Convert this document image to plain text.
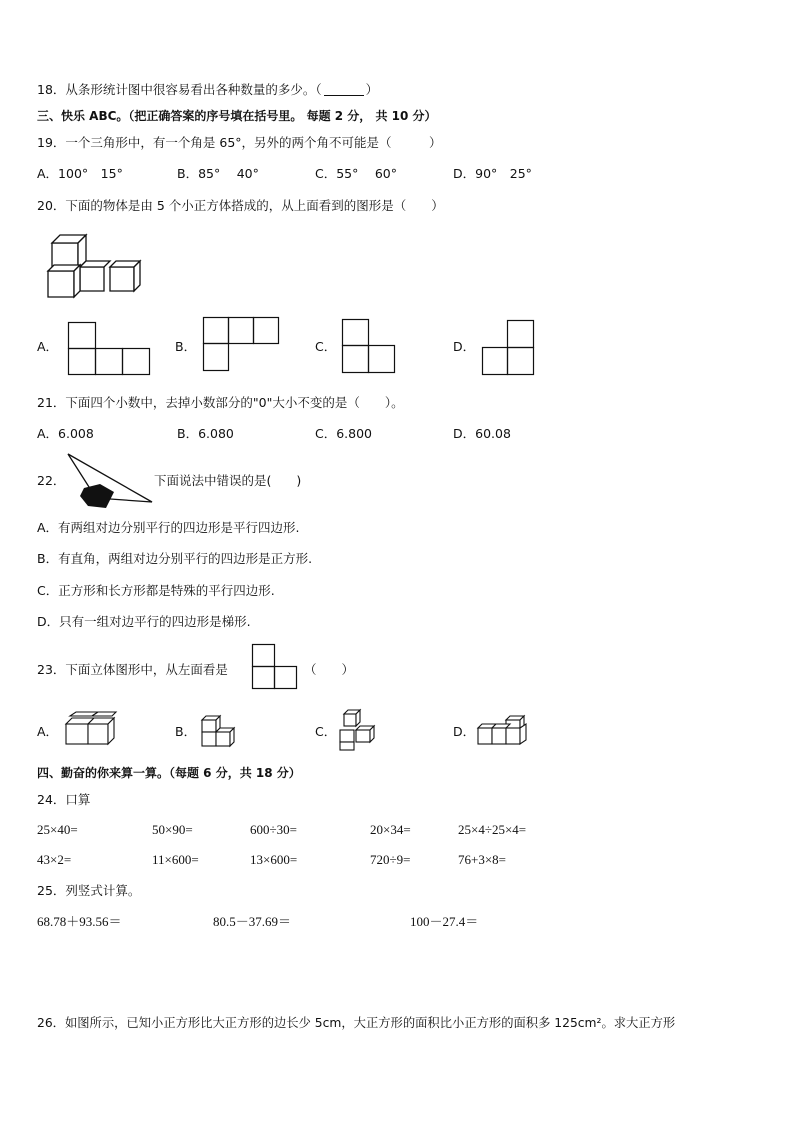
18．从条形统计图中很容易看出各种数量的多少。（	）
三、快乐 ABC。（把正确答案的序号填在括号里。 每题 2 分， 共 10 分）
19．一个三角形中，有一个角是 65°，另外的两个角不可能是（　　　）
A．100°　15°	B．85°　 40°	C．55°　 60°	D．90°　25°
20．下面的物体是由 5 个小正方体搭成的，从上面看到的图形是（　　）
A．	B．	C．	D．
21．下面四个小数中，去掉小数部分的"0"大小不变的是（　　）。
A．6.008	B．6.080	C．6.800	D．60.08
22．	下面说法中错误的是(　　)
A．有两组对边分别平行的四边形是平行四边形.
B．有直角，两组对边分别平行的四边形是正方形.
C．正方形和长方形都是特殊的平行四边形.
D．只有一组对边平行的四边形是梯形.
23．下面立体图形中，从左面看是	（　　）
A．	B．	C．	D．
四、勤奋的你来算一算。（每题 6 分，共 18 分）
24．口算
25×40=	50×90=	600÷30=	20×34=	25×4÷25×4=
43×2=	11×600=	13×600=	720÷9=	76+3×8=
25．列竖式计算。
68.78＋93.56＝	80.5－37.69＝	100－27.4＝
26．如图所示，已知小正方形比大正方形的边长少 5cm，大正方形的面积比小正方形的面积多 125cm²。求大正方形
